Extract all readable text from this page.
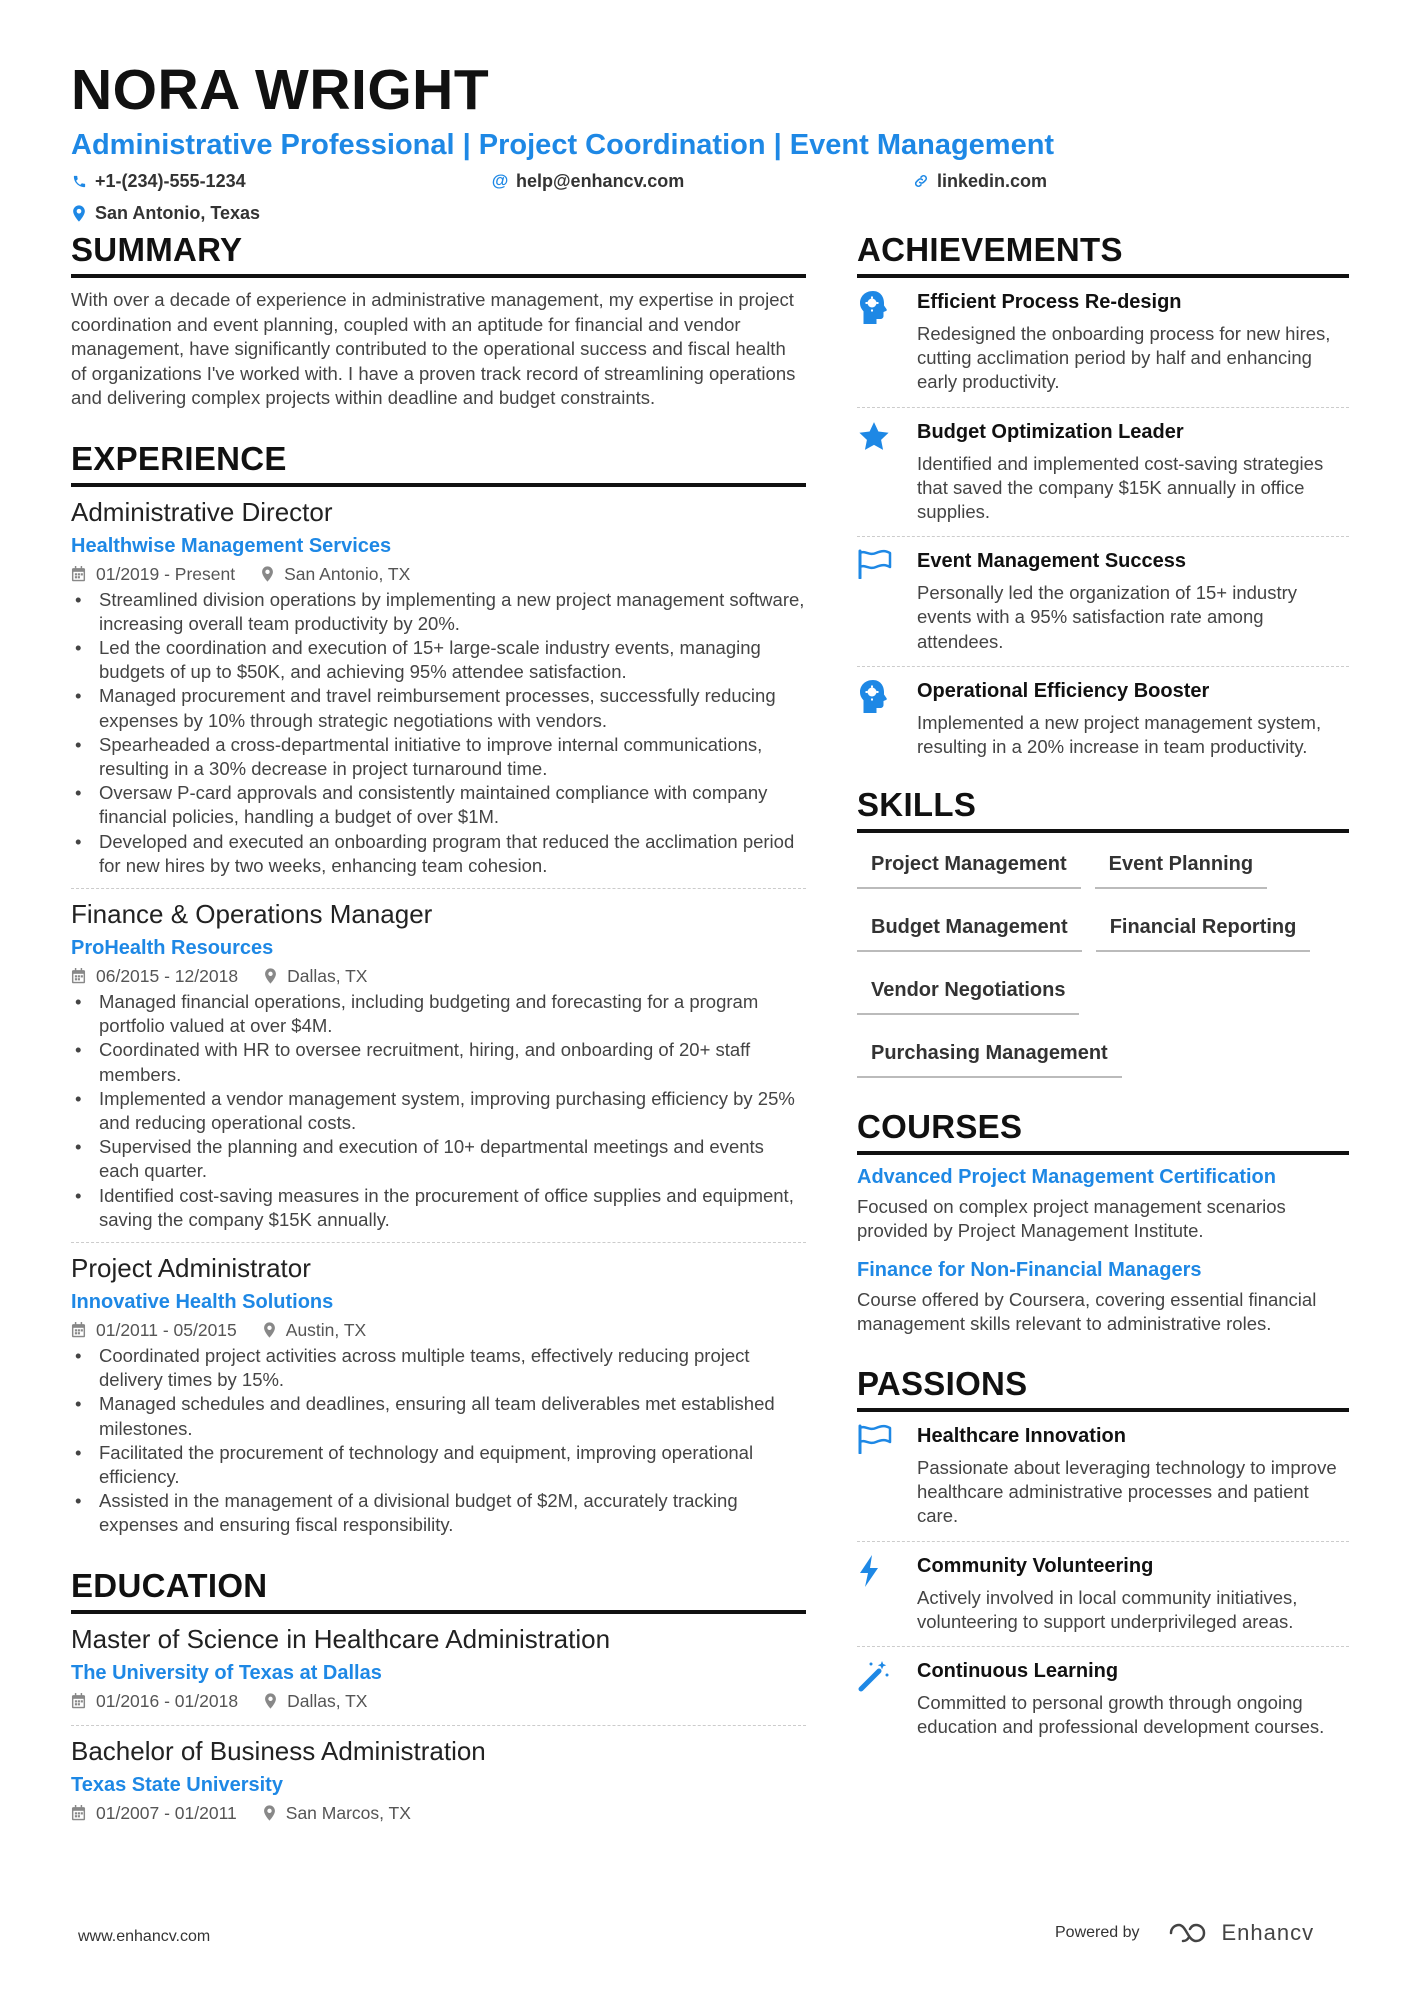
NORA WRIGHT
Administrative Professional | Project Coordination | Event Management
+1-(234)-555-1234	@ help@enhancv.com	linkedin.com
San Antonio, Texas
SUMMARY
With over a decade of experience in administrative management, my expertise in project coordination and event planning, coupled with an aptitude for financial and vendor management, have significantly contributed to the operational success and fiscal health of organizations I've worked with. I have a proven track record of streamlining operations and delivering complex projects within deadline and budget constraints.
EXPERIENCE
Administrative Director
Healthwise Management Services
01/2019 - Present	San Antonio, TX
• Streamlined division operations by implementing a new project management software, increasing overall team productivity by 20%.
• Led the coordination and execution of 15+ large-scale industry events, managing budgets of up to $50K, and achieving 95% attendee satisfaction.
• Managed procurement and travel reimbursement processes, successfully reducing expenses by 10% through strategic negotiations with vendors.
• Spearheaded a cross-departmental initiative to improve internal communications, resulting in a 30% decrease in project turnaround time.
• Oversaw P-card approvals and consistently maintained compliance with company financial policies, handling a budget of over $1M.
• Developed and executed an onboarding program that reduced the acclimation period for new hires by two weeks, enhancing team cohesion.
Finance & Operations Manager
ProHealth Resources
06/2015 - 12/2018	Dallas, TX
• Managed financial operations, including budgeting and forecasting for a program portfolio valued at over $4M.
• Coordinated with HR to oversee recruitment, hiring, and onboarding of 20+ staff members.
• Implemented a vendor management system, improving purchasing efficiency by 25% and reducing operational costs.
• Supervised the planning and execution of 10+ departmental meetings and events each quarter.
• Identified cost-saving measures in the procurement of office supplies and equipment, saving the company $15K annually.
Project Administrator
Innovative Health Solutions
01/2011 - 05/2015	Austin, TX
• Coordinated project activities across multiple teams, effectively reducing project delivery times by 15%.
• Managed schedules and deadlines, ensuring all team deliverables met established milestones.
• Facilitated the procurement of technology and equipment, improving operational efficiency.
• Assisted in the management of a divisional budget of $2M, accurately tracking expenses and ensuring fiscal responsibility.
EDUCATION
Master of Science in Healthcare Administration
The University of Texas at Dallas
01/2016 - 01/2018	Dallas, TX
Bachelor of Business Administration
Texas State University
01/2007 - 01/2011	San Marcos, TX
ACHIEVEMENTS
Efficient Process Re-design
Redesigned the onboarding process for new hires, cutting acclimation period by half and enhancing early productivity.
Budget Optimization Leader
Identified and implemented cost-saving strategies that saved the company $15K annually in office supplies.
Event Management Success
Personally led the organization of 15+ industry events with a 95% satisfaction rate among attendees.
Operational Efficiency Booster
Implemented a new project management system, resulting in a 20% increase in team productivity.
SKILLS
Project Management	Event Planning
Budget Management	Financial Reporting
Vendor Negotiations
Purchasing Management
COURSES
Advanced Project Management Certification
Focused on complex project management scenarios provided by Project Management Institute.
Finance for Non-Financial Managers
Course offered by Coursera, covering essential financial management skills relevant to administrative roles.
PASSIONS
Healthcare Innovation
Passionate about leveraging technology to improve healthcare administrative processes and patient care.
Community Volunteering
Actively involved in local community initiatives, volunteering to support underprivileged areas.
Continuous Learning
Committed to personal growth through ongoing education and professional development courses.
www.enhancv.com	Powered by	Enhancv
